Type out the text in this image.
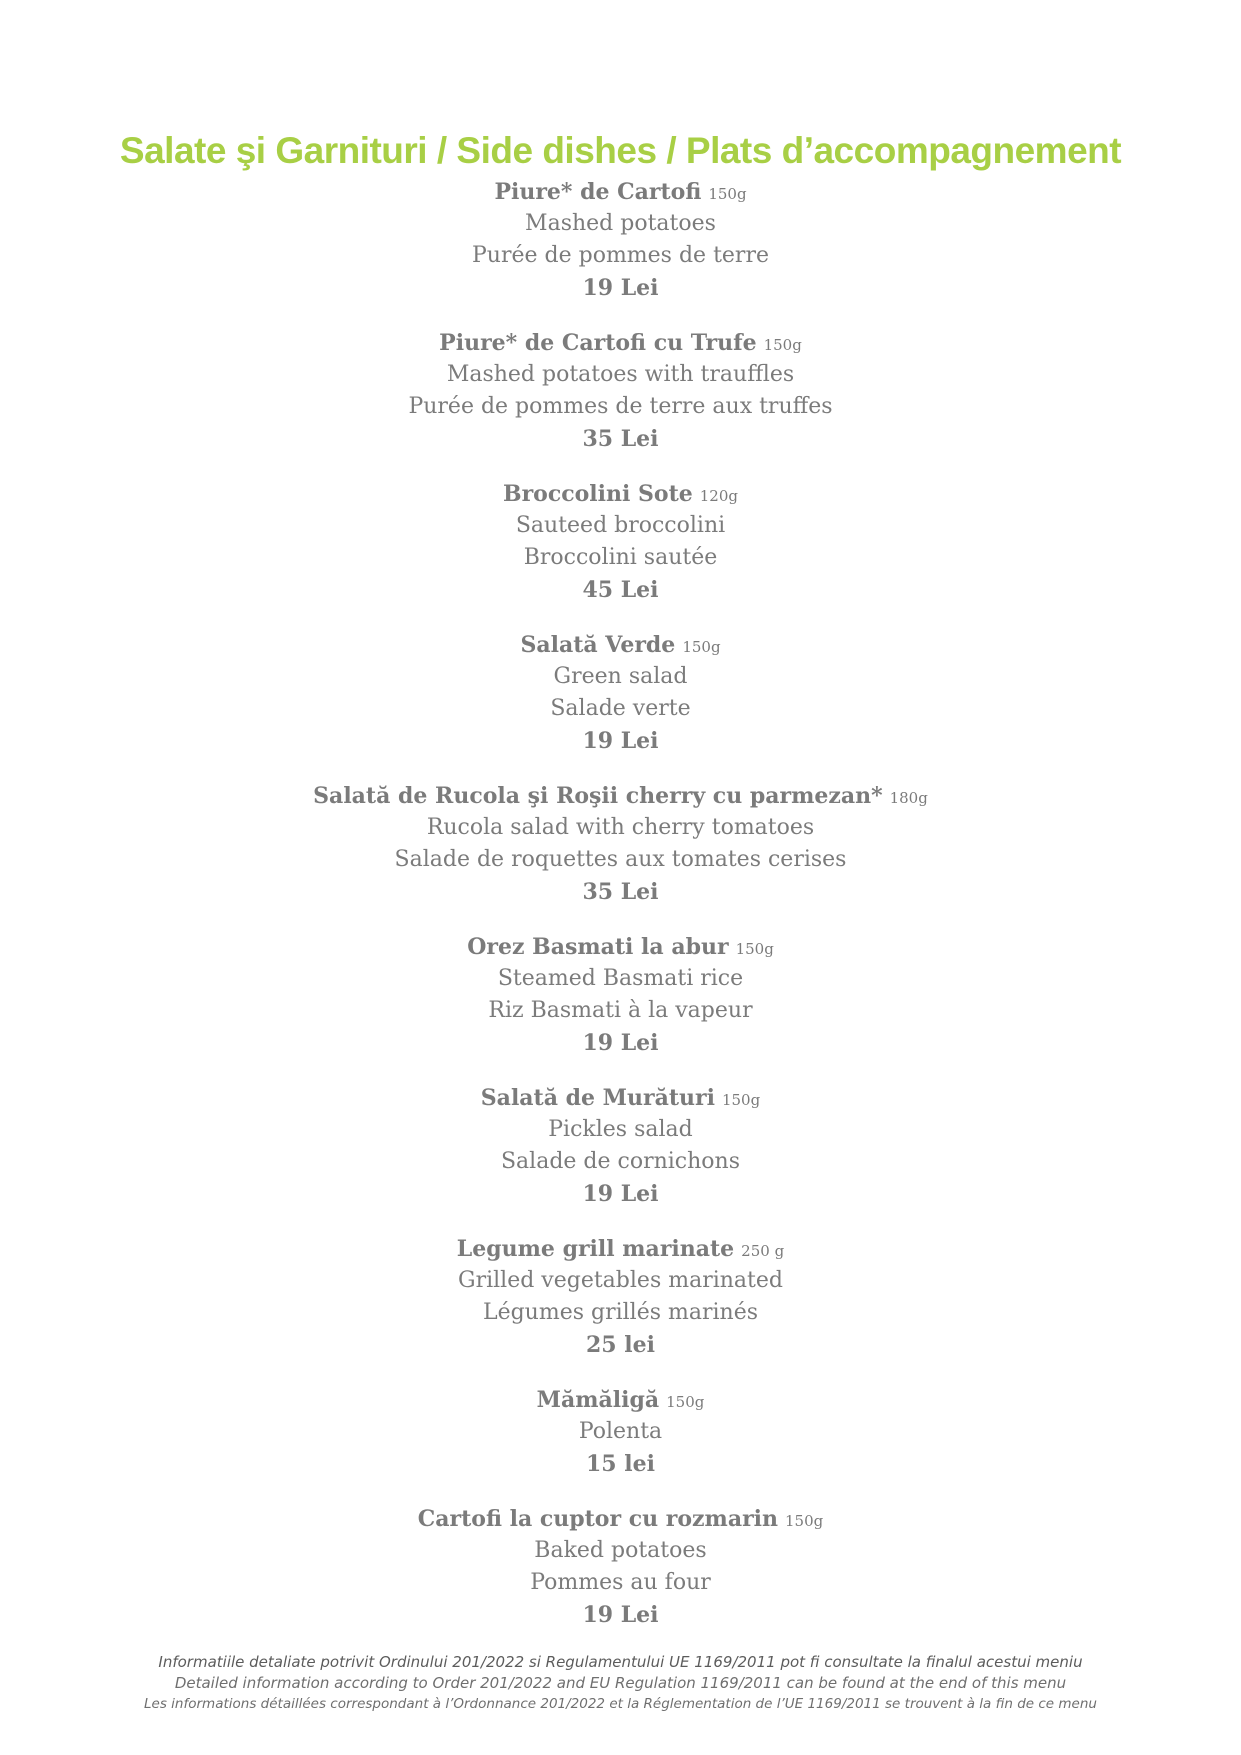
Salate şi Garnituri / Side dishes / Plats d’accompagnement
Piure* de Cartofi 150g
Mashed potatoes
Purée de pommes de terre
19 Lei
Piure* de Cartofi cu Trufe 150g
Mashed potatoes with trauffles
Purée de pommes de terre aux truffes
35 Lei
Broccolini Sote 120g
Sauteed broccolini
Broccolini sautée
45 Lei
Salată Verde 150g
Green salad
Salade verte
19 Lei
Salată de Rucola şi Roşii cherry cu parmezan* 180g
Rucola salad with cherry tomatoes
Salade de roquettes aux tomates cerises
35 Lei
Orez Basmati la abur 150g
Steamed Basmati rice
Riz Basmati à la vapeur
19 Lei
Salată de Murături 150g
Pickles salad
Salade de cornichons
19 Lei
Legume grill marinate 250 g
Grilled vegetables marinated
Légumes grillés marinés
25 lei
Mămăligă 150g
Polenta
15 lei
Cartofi la cuptor cu rozmarin 150g
Baked potatoes
Pommes au four
19 Lei
Informatiile detaliate potrivit Ordinului 201/2022 si Regulamentului UE 1169/2011 pot fi consultate la finalul acestui meniu
Detailed information according to Order 201/2022 and EU Regulation 1169/2011 can be found at the end of this menu
Les informations détaillées correspondant à l’Ordonnance 201/2022 et la Réglementation de l’UE 1169/2011 se trouvent à la fin de ce menu
